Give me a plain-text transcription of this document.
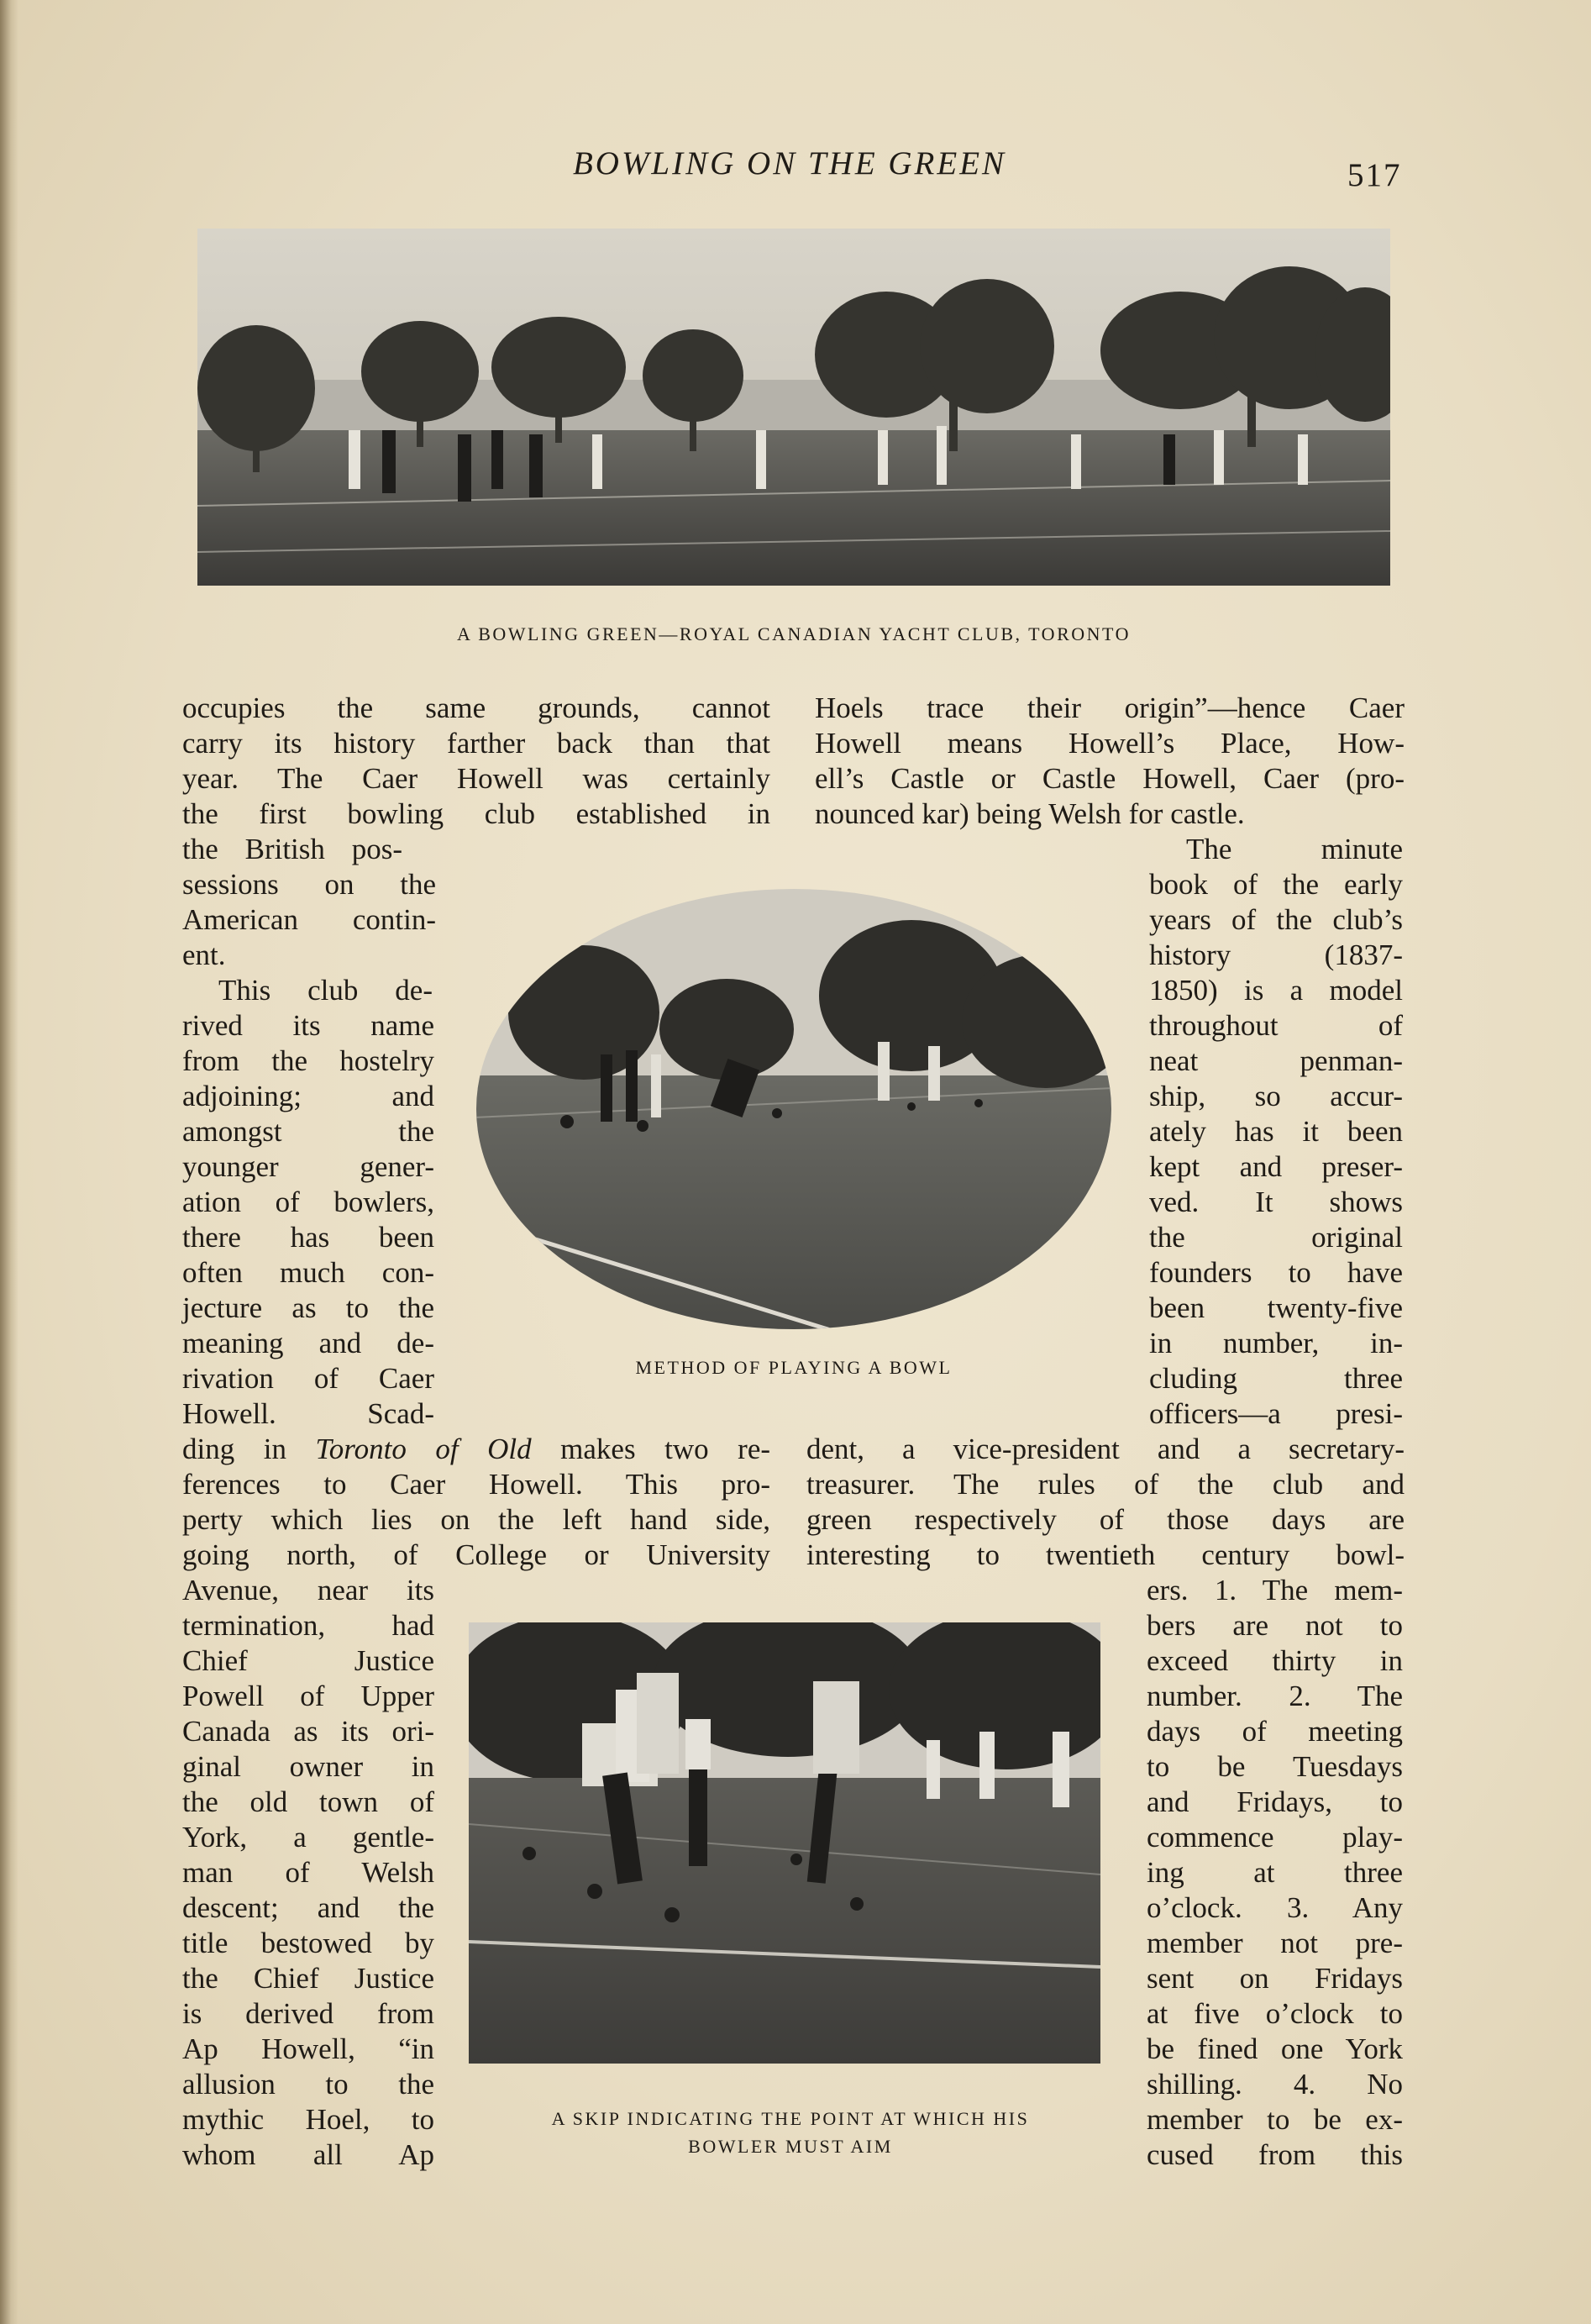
BOWLING ON THE GREEN	517
A BOWLING GREEN—ROYAL CANADIAN YACHT CLUB, TORONTO
METHOD OF PLAYING A BOWL
A SKIP INDICATING THE POINT AT WHICH HIS
BOWLER MUST AIM
occupies the same grounds, cannot
carry its history farther back than that
year. The Caer Howell was certainly
the first bowling club established in
the British pos-
sessions on the
American contin-
ent.
This club de-
rived its name
from the hostelry
adjoining; and
amongst the
younger gener-
ation of bowlers,
there has been
often much con-
jecture as to the
meaning and de-
rivation of Caer
Howell. Scad-
ding in Toronto of Old makes two re-
ferences to Caer Howell. This pro-
perty which lies on the left hand side,
going north, of College or University
Avenue, near its
termination, had
Chief Justice
Powell of Upper
Canada as its ori-
ginal owner in
the old town of
York, a gentle-
man of Welsh
descent; and the
title bestowed by
the Chief Justice
is derived from
Ap Howell, “in
allusion to the
mythic Hoel, to
whom all Ap
Hoels trace their origin”—hence Caer
Howell means Howell’s Place, How-
ell’s Castle or Castle Howell, Caer (pro-
nounced kar) being Welsh for castle.
The minute
book of the early
years of the club’s
history (1837-
1850) is a model
throughout of
neat penman-
ship, so accur-
ately has it been
kept and preser-
ved. It shows
the original
founders to have
been twenty-five
in number, in-
cluding three
officers—a presi-
dent, a vice-president and a secretary-
treasurer. The rules of the club and
green respectively of those days are
interesting to twentieth century bowl-
ers. 1. The mem-
bers are not to
exceed thirty in
number. 2. The
days of meeting
to be Tuesdays
and Fridays, to
commence play-
ing at three
o’clock. 3. Any
member not pre-
sent on Fridays
at five o’clock to
be fined one York
shilling. 4. No
member to be ex-
cused from this
